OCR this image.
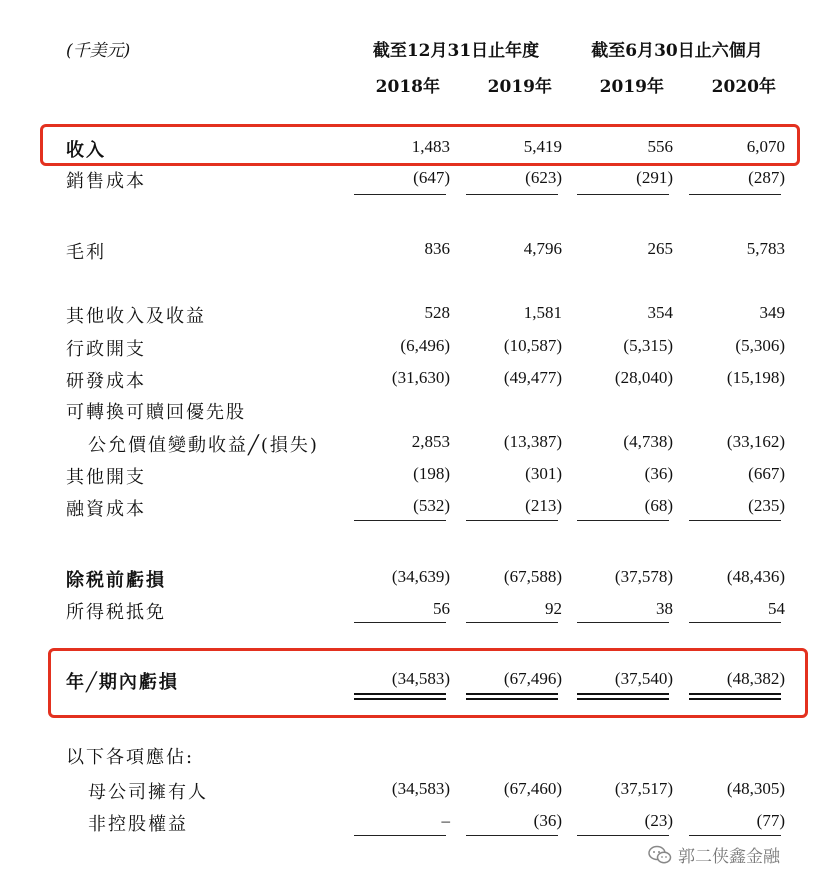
(千美元)	截至12月31日止年度	截至6月30日止六個月
2018年	2019年	2019年	2020年
收入	1,483	5,419	556	6,070
銷售成本	(647)	(623)	(291)	(287)
毛利	836	4,796	265	5,783
其他收入及收益	528	1,581	354	349
行政開支	(6,496)	(10,587)	(5,315)	(5,306)
研發成本	(31,630)	(49,477)	(28,040)	(15,198)
可轉換可贖回優先股
公允價值變動收益╱(損失)	2,853	(13,387)	(4,738)	(33,162)
其他開支	(198)	(301)	(36)	(667)
融資成本	(532)	(213)	(68)	(235)
除税前虧損	(34,639)	(67,588)	(37,578)	(48,436)
所得税抵免	56	92	38	54
年╱期內虧損	(34,583)	(67,496)	(37,540)	(48,382)
以下各項應佔:
母公司擁有人	(34,583)	(67,460)	(37,517)	(48,305)
非控股權益	–	(36)	(23)	(77)
郭二侠鑫金融
